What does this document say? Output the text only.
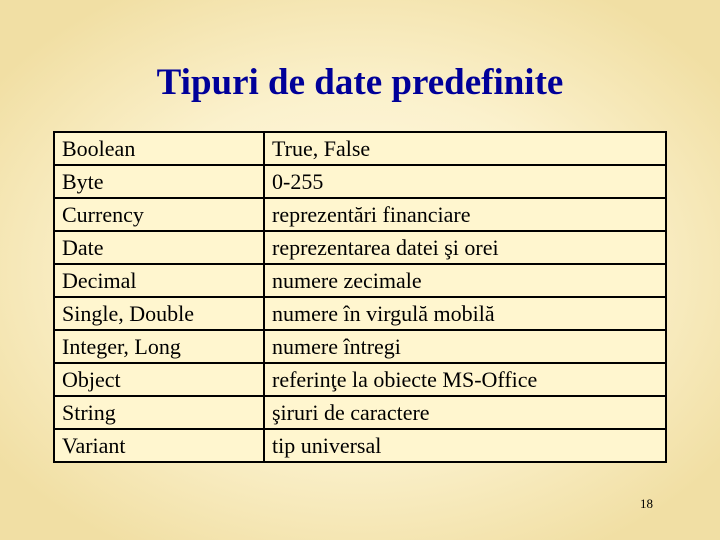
Tipuri de date predefinite
Boolean	True, False
Byte	0-255
Currency	reprezentări financiare
Date	reprezentarea datei şi orei
Decimal	numere zecimale
Single, Double	numere în virgulă mobilă
Integer, Long	numere întregi
Object	referinţe la obiecte MS-Office
String	şiruri de caractere
Variant	tip universal
18
